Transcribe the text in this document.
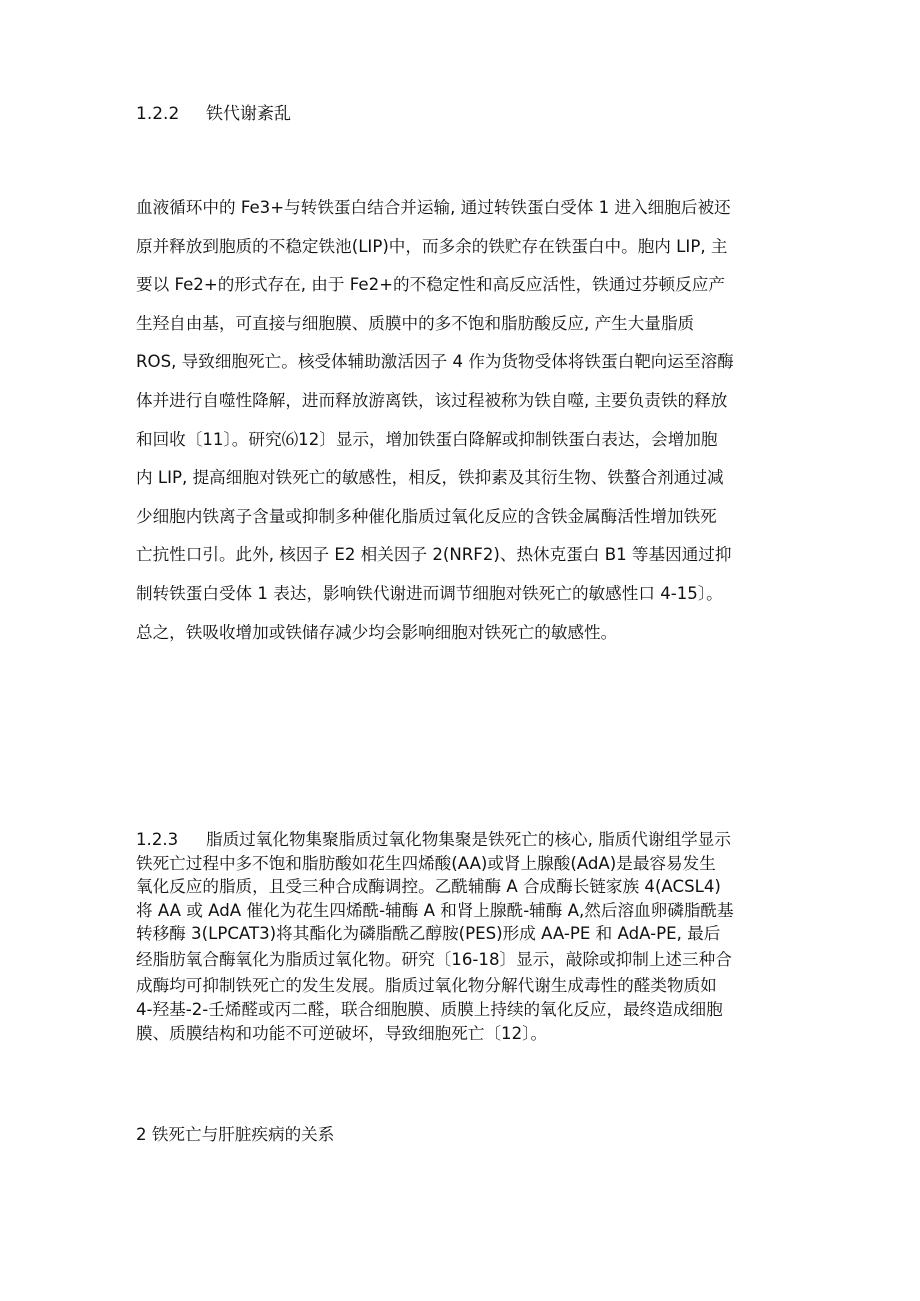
1.2.2 铁代谢紊乱
血液循环中的 Fe3+与转铁蛋白结合并运输, 通过转铁蛋白受体 1 进入细胞后被还
原并释放到胞质的不稳定铁池(LIP)中，而多余的铁贮存在铁蛋白中。胞内 LIP, 主
要以 Fe2+的形式存在, 由于 Fe2+的不稳定性和高反应活性，铁通过芬顿反应产
生羟自由基，可直接与细胞膜、质膜中的多不饱和脂肪酸反应, 产生大量脂质
ROS, 导致细胞死亡。核受体辅助激活因子 4 作为货物受体将铁蛋白靶向运至溶酶
体并进行自噬性降解，进而释放游离铁，该过程被称为铁自噬, 主要负责铁的释放
和回收〔11〕。研究⑹12〕显示，增加铁蛋白降解或抑制铁蛋白表达，会增加胞
内 LIP, 提高细胞对铁死亡的敏感性，相反，铁抑素及其衍生物、铁螯合剂通过减
少细胞内铁离子含量或抑制多种催化脂质过氧化反应的含铁金属酶活性增加铁死
亡抗性口引。此外, 核因子 E2 相关因子 2(NRF2)、热休克蛋白 B1 等基因通过抑
制转铁蛋白受体 1 表达，影响铁代谢进而调节细胞对铁死亡的敏感性口 4-15〕。
总之，铁吸收增加或铁储存减少均会影响细胞对铁死亡的敏感性。
1.2.3 脂质过氧化物集聚脂质过氧化物集聚是铁死亡的核心, 脂质代谢组学显示
铁死亡过程中多不饱和脂肪酸如花生四烯酸(AA)或肾上腺酸(AdA)是最容易发生
氧化反应的脂质，且受三种合成酶调控。乙酰辅酶 A 合成酶长链家族 4(ACSL4)
将 AA 或 AdA 催化为花生四烯酰-辅酶 A 和肾上腺酰-辅酶 A,然后溶血卵磷脂酰基
转移酶 3(LPCAT3)将其酯化为磷脂酰乙醇胺(PES)形成 AA-PE 和 AdA-PE, 最后
经脂肪氧合酶氧化为脂质过氧化物。研究〔16-18〕显示，敲除或抑制上述三种合
成酶均可抑制铁死亡的发生发展。脂质过氧化物分解代谢生成毒性的醛类物质如
4-羟基-2-壬烯醛或丙二醛，联合细胞膜、质膜上持续的氧化反应，最终造成细胞
膜、质膜结构和功能不可逆破坏，导致细胞死亡〔12〕。
2 铁死亡与肝脏疾病的关系
